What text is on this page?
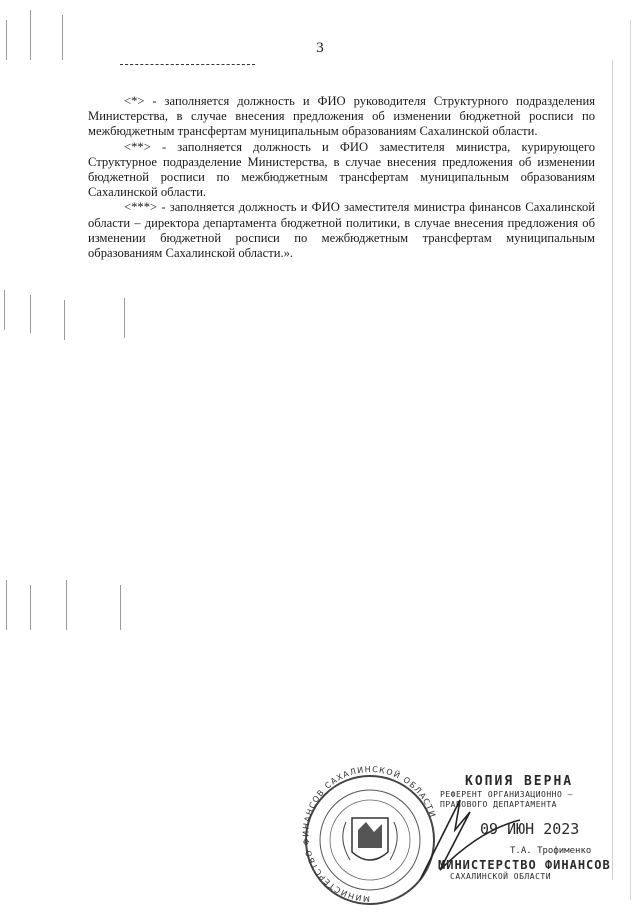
3

<*> - заполняется должность и ФИО руководителя Структурного подразделения Министерства, в случае внесения предложения об изменении бюджетной росписи по межбюджетным трансфертам муниципальным образованиям Сахалинской области.

<**> - заполняется должность и ФИО заместителя министра, курирующего Структурное подразделение Министерства, в случае внесения предложения об изменении бюджетной росписи по межбюджетным трансфертам муниципальным образованиям Сахалинской области.

<***> - заполняется должность и ФИО заместителя министра финансов Сахалинской области – директора департамента бюджетной политики, в случае внесения предложения об изменении бюджетной росписи по межбюджетным трансфертам муниципальным образованиям Сахалинской области.».

МИНИСТЕРСТВО ФИНАНСОВ САХАЛИНСКОЙ ОБЛАСТИ
КОПИЯ ВЕРНА
РЕФЕРЕНТ ОРГАНИЗАЦИОННО –
ПРАВОВОГО ДЕПАРТАМЕНТА
09 ИЮН 2023
Т.А. Трофименко
МИНИСТЕРСТВО ФИНАНСОВ
САХАЛИНСКОЙ ОБЛАСТИ
